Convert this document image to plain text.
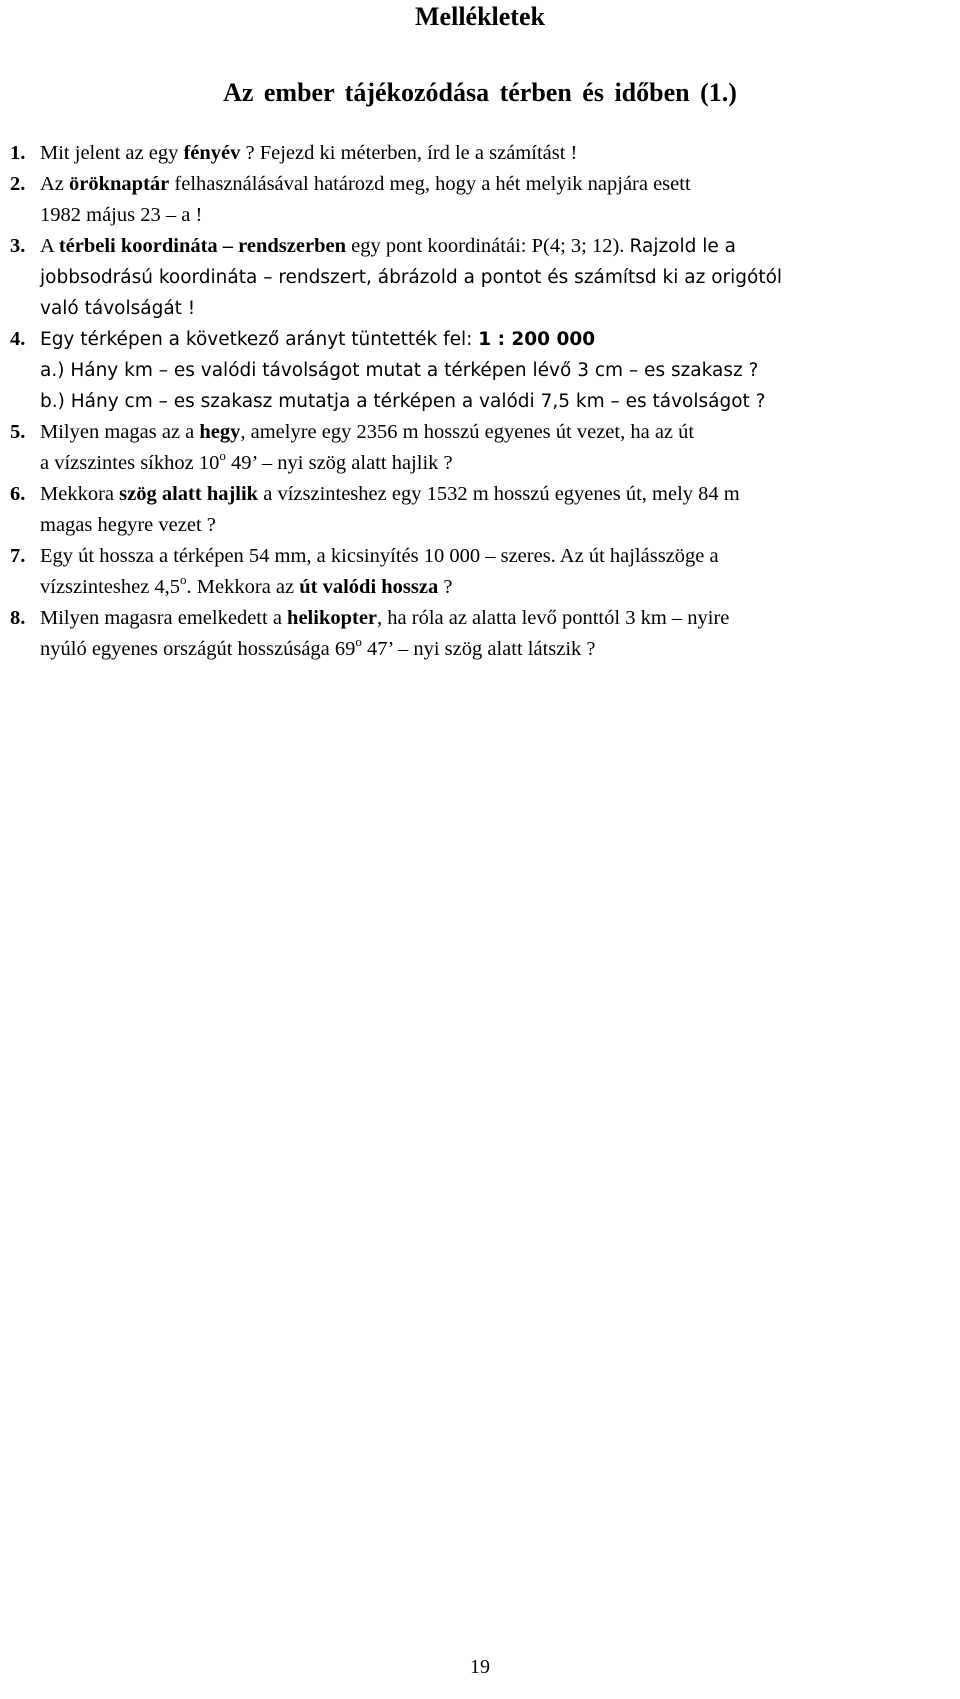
Mellékletek
Az ember tájékozódása térben és időben (1.)
1. Mit jelent az egy fényév ? Fejezd ki méterben, írd le a számítást !
2. Az öröknaptár felhasználásával határozd meg, hogy a hét melyik napjára esett
1982 május 23 – a !
3. A térbeli koordináta – rendszerben egy pont koordinátái: P(4; 3; 12). Rajzold le a
jobbsodrású koordináta – rendszert, ábrázold a pontot és számítsd ki az origótól
való távolságát !
4. Egy térképen a következő arányt tüntették fel: 1 : 200 000
a.) Hány km – es valódi távolságot mutat a térképen lévő 3 cm – es szakasz ?
b.) Hány cm – es szakasz mutatja a térképen a valódi 7,5 km – es távolságot ?
5. Milyen magas az a hegy, amelyre egy 2356 m hosszú egyenes út vezet, ha az út
a vízszintes síkhoz 10$^o$ 49’ – nyi szög alatt hajlik ?
6. Mekkora szög alatt hajlik a vízszinteshez egy 1532 m hosszú egyenes út, mely 84 m
magas hegyre vezet ?
7. Egy út hossza a térképen 54 mm, a kicsinyítés 10 000 – szeres. Az út hajlásszöge a
vízszinteshez 4,5$^o$. Mekkora az út valódi hossza ?
8. Milyen magasra emelkedett a helikopter, ha róla az alatta levő ponttól 3 km – nyire
nyúló egyenes országút hosszúsága 69$^o$ 47’ – nyi szög alatt látszik ?
19
